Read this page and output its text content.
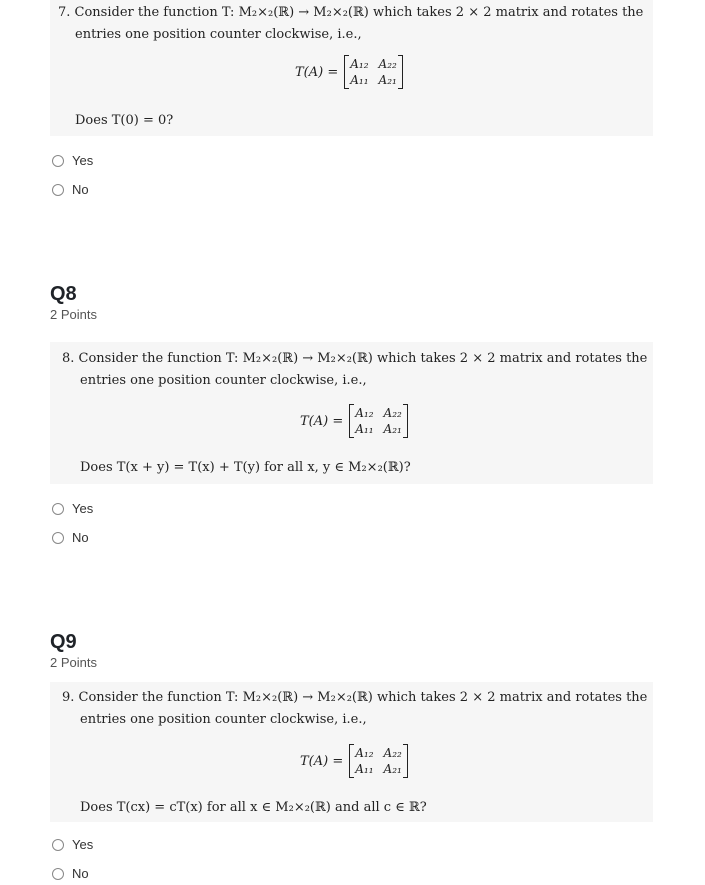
7. Consider the function T: M₂×₂(ℝ) → M₂×₂(ℝ) which takes 2 × 2 matrix and rotates the
entries one position counter clockwise, i.e.,
T(A) =
A₁₂ A₂₂
A₁₁ A₂₁
Does T(0) = 0?
Yes
No
Q8
2 Points
8. Consider the function T: M₂×₂(ℝ) → M₂×₂(ℝ) which takes 2 × 2 matrix and rotates the
entries one position counter clockwise, i.e.,
T(A) =
A₁₂ A₂₂
A₁₁ A₂₁
Does T(x + y) = T(x) + T(y) for all x, y ∈ M₂×₂(ℝ)?
Yes
No
Q9
2 Points
9. Consider the function T: M₂×₂(ℝ) → M₂×₂(ℝ) which takes 2 × 2 matrix and rotates the
entries one position counter clockwise, i.e.,
T(A) =
A₁₂ A₂₂
A₁₁ A₂₁
Does T(cx) = cT(x) for all x ∈ M₂×₂(ℝ) and all c ∈ ℝ?
Yes
No
